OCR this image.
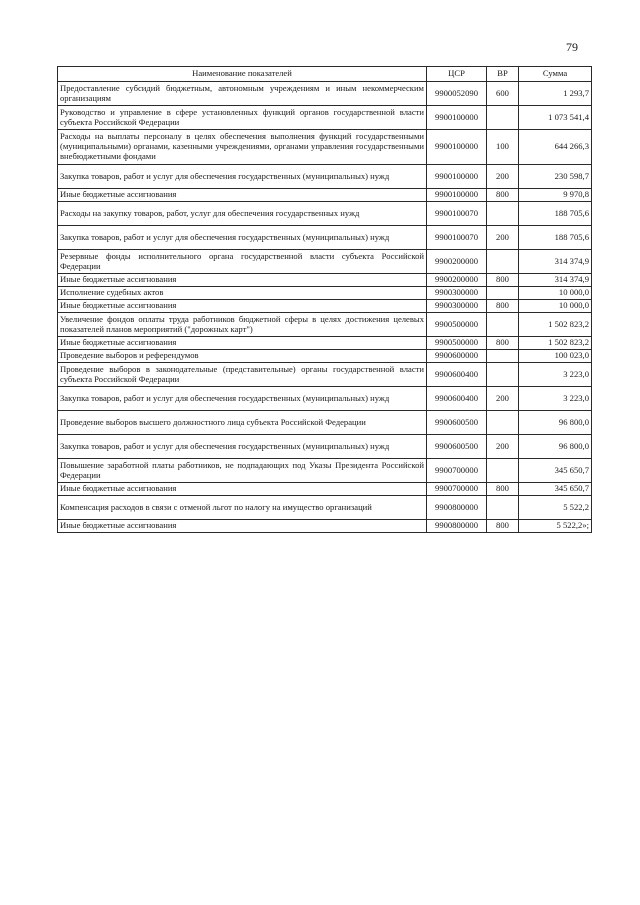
79
Наименование показателей	ЦСР	ВР	Сумма
Предоставление субсидий бюджетным, автономным учреждениям и иным некоммерческим организациям	9900052090	600	1 293,7
Руководство и управление в сфере установленных функций органов государственной власти субъекта Российской Федерации	9900100000		1 073 541,4
Расходы на выплаты персоналу в целях обеспечения выполнения функций государственными (муниципальными) органами, казенными учреждениями, органами управления государственными внебюджетными фондами	9900100000	100	644 266,3
Закупка товаров, работ и услуг для обеспечения государственных (муниципальных) нужд	9900100000	200	230 598,7
Иные бюджетные ассигнования	9900100000	800	9 970,8
Расходы на закупку товаров, работ, услуг для обеспечения государственных нужд	9900100070		188 705,6
Закупка товаров, работ и услуг для обеспечения государственных (муниципальных) нужд	9900100070	200	188 705,6
Резервные фонды исполнительного органа государственной власти субъекта Российской Федерации	9900200000		314 374,9
Иные бюджетные ассигнования	9900200000	800	314 374,9
Исполнение судебных актов	9900300000		10 000,0
Иные бюджетные ассигнования	9900300000	800	10 000,0
Увеличение фондов оплаты труда работников бюджетной сферы в целях достижения целевых показателей планов мероприятий ("дорожных карт")	9900500000		1 502 823,2
Иные бюджетные ассигнования	9900500000	800	1 502 823,2
Проведение выборов и референдумов	9900600000		100 023,0
Проведение выборов в законодательные (представительные) органы государственной власти субъекта Российской Федерации	9900600400		3 223,0
Закупка товаров, работ и услуг для обеспечения государственных (муниципальных) нужд	9900600400	200	3 223,0
Проведение выборов высшего должностного лица субъекта Российской Федерации	9900600500		96 800,0
Закупка товаров, работ и услуг для обеспечения государственных (муниципальных) нужд	9900600500	200	96 800,0
Повышение заработной платы работников, не подпадающих под Указы Президента Российской Федерации	9900700000		345 650,7
Иные бюджетные ассигнования	9900700000	800	345 650,7
Компенсация расходов в связи с отменой льгот по налогу на имущество организаций	9900800000		5 522,2
Иные бюджетные ассигнования	9900800000	800	5 522,2»;
